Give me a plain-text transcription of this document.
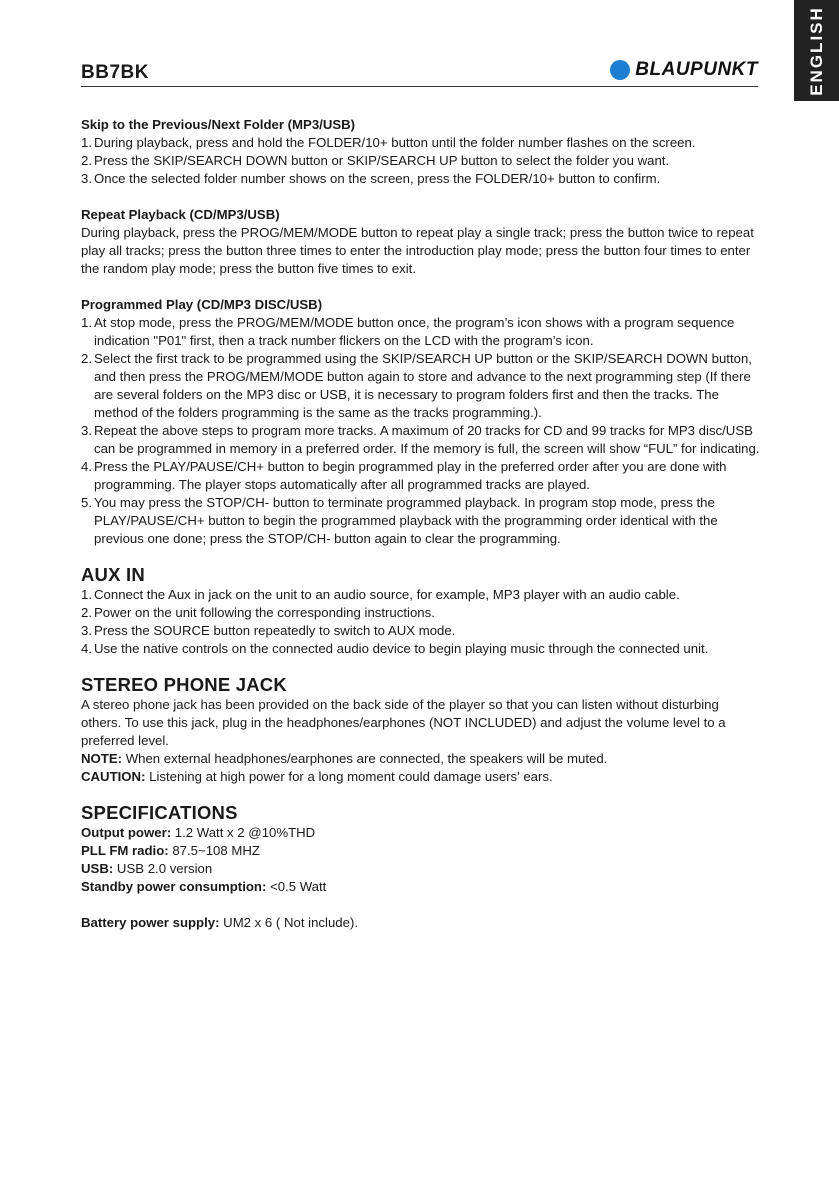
ENGLISH
BB7BK	BLAUPUNKT

Skip to the Previous/Next Folder (MP3/USB)

1. During playback, press and hold the FOLDER/10+ button until the folder number flashes on the screen.
2. Press the SKIP/SEARCH DOWN button or SKIP/SEARCH UP button to select the folder you want.
3. Once the selected folder number shows on the screen, press the FOLDER/10+ button to confirm.

Repeat Playback (CD/MP3/USB)

During playback, press the PROG/MEM/MODE button to repeat play a single track; press the button twice to repeat play all tracks; press the button three times to enter the introduction play mode; press the button four times to enter the random play mode; press the button five times to exit.

Programmed Play (CD/MP3 DISC/USB)

1. At stop mode, press the PROG/MEM/MODE button once, the program’s icon shows with a program sequence indication "P01" first, then a track number flickers on the LCD with the program’s icon.
2. Select the first track to be programmed using the SKIP/SEARCH UP button or the SKIP/SEARCH DOWN button, and then press the PROG/MEM/MODE button again to store and advance to the next programming step (If there are several folders on the MP3 disc or USB, it is necessary to program folders first and then the tracks. The method of the folders programming is the same as the tracks programming.).
3. Repeat the above steps to program more tracks. A maximum of 20 tracks for CD and 99 tracks for MP3 disc/USB can be programmed in memory in a preferred order. If the memory is full, the screen will show “FUL” for indicating.
4. Press the PLAY/PAUSE/CH+ button to begin programmed play in the preferred order after you are done with programming. The player stops automatically after all programmed tracks are played.
5. You may press the STOP/CH- button to terminate programmed playback. In program stop mode, press the PLAY/PAUSE/CH+ button to begin the programmed playback with the programming order identical with the previous one done; press the STOP/CH- button again to clear the programming.

AUX IN

1. Connect the Aux in jack on the unit to an audio source, for example, MP3 player with an audio cable.
2. Power on the unit following the corresponding instructions.
3. Press the SOURCE button repeatedly to switch to AUX mode.
4. Use the native controls on the connected audio device to begin playing music through the connected unit.

STEREO PHONE JACK

A stereo phone jack has been provided on the back side of the player so that you can listen without disturbing others. To use this jack, plug in the headphones/earphones (NOT INCLUDED) and adjust the volume level to a preferred level.

NOTE: When external headphones/earphones are connected, the speakers will be muted.

CAUTION: Listening at high power for a long moment could damage users' ears.

SPECIFICATIONS

Output power: 1.2 Watt x 2 @10%THD

PLL FM radio: 87.5~108 MHZ

USB: USB 2.0 version

Standby power consumption: <0.5 Watt

Battery power supply: UM2 x 6 ( Not include).
